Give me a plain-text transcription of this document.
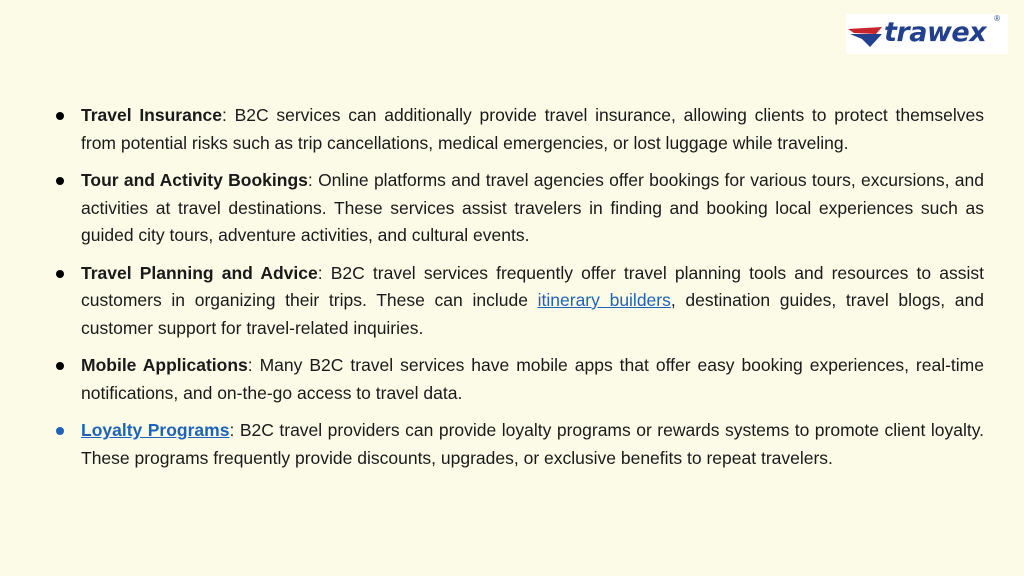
trawex ®
Travel Insurance: B2C services can additionally provide travel insurance, allowing clients to protect themselves from potential risks such as trip cancellations, medical emergencies, or lost luggage while traveling.
Tour and Activity Bookings: Online platforms and travel agencies offer bookings for various tours, excursions, and activities at travel destinations. These services assist travelers in finding and booking local experiences such as guided city tours, adventure activities, and cultural events.
Travel Planning and Advice: B2C travel services frequently offer travel planning tools and resources to assist customers in organizing their trips. These can include itinerary builders, destination guides, travel blogs, and customer support for travel-related inquiries.
Mobile Applications: Many B2C travel services have mobile apps that offer easy booking experiences, real-time notifications, and on-the-go access to travel data.
Loyalty Programs: B2C travel providers can provide loyalty programs or rewards systems to promote client loyalty. These programs frequently provide discounts, upgrades, or exclusive benefits to repeat travelers.
